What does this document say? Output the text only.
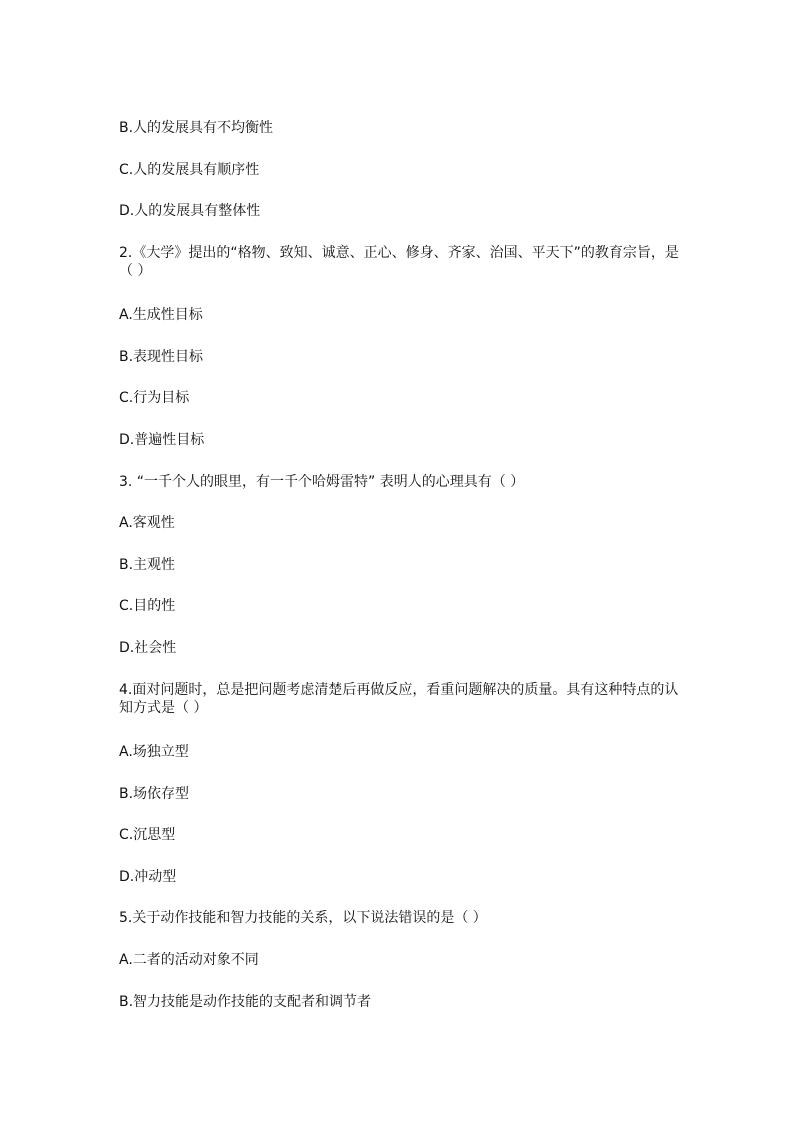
B.人的发展具有不均衡性
C.人的发展具有顺序性
D.人的发展具有整体性
2.《大学》提出的“格物、致知、诚意、正心、修身、齐家、治国、平天下”的教育宗旨，是（ ）
A.生成性目标
B.表现性目标
C.行为目标
D.普遍性目标
3. “一千个人的眼里，有一千个哈姆雷特” 表明人的心理具有（ ）
A.客观性
B.主观性
C.目的性
D.社会性
4.面对问题时，总是把问题考虑清楚后再做反应，看重问题解决的质量。具有这种特点的认知方式是（ ）
A.场独立型
B.场依存型
C.沉思型
D.冲动型
5.关于动作技能和智力技能的关系，以下说法错误的是（ ）
A.二者的活动对象不同
B.智力技能是动作技能的支配者和调节者
